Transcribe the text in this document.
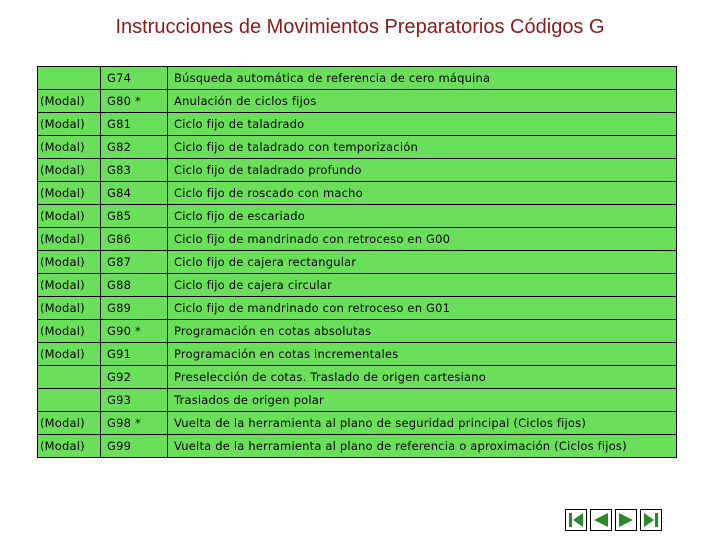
Instrucciones de Movimientos Preparatorios Códigos G
	G74	Búsqueda automática de referencia de cero máquina
(Modal)	G80 *	Anulación de ciclos fijos
(Modal)	G81	Ciclo fijo de taladrado
(Modal)	G82	Ciclo fijo de taladrado con temporización
(Modal)	G83	Ciclo fijo de taladrado profundo
(Modal)	G84	Ciclo fijo de roscado con macho
(Modal)	G85	Ciclo fijo de escariado
(Modal)	G86	Ciclo fijo de mandrinado con retroceso en G00
(Modal)	G87	Ciclo fijo de cajera rectangular
(Modal)	G88	Ciclo fijo de cajera circular
(Modal)	G89	Ciclo fijo de mandrinado con retroceso en G01
(Modal)	G90 *	Programación en cotas absolutas
(Modal)	G91	Programación en cotas incrementales
	G92	Preselección de cotas. Traslado de origen cartesiano
	G93	Traslados de origen polar
(Modal)	G98 *	Vuelta de la herramienta al plano de seguridad principal (Ciclos fijos)
(Modal)	G99	Vuelta de la herramienta al plano de referencia o aproximación (Ciclos fijos)
